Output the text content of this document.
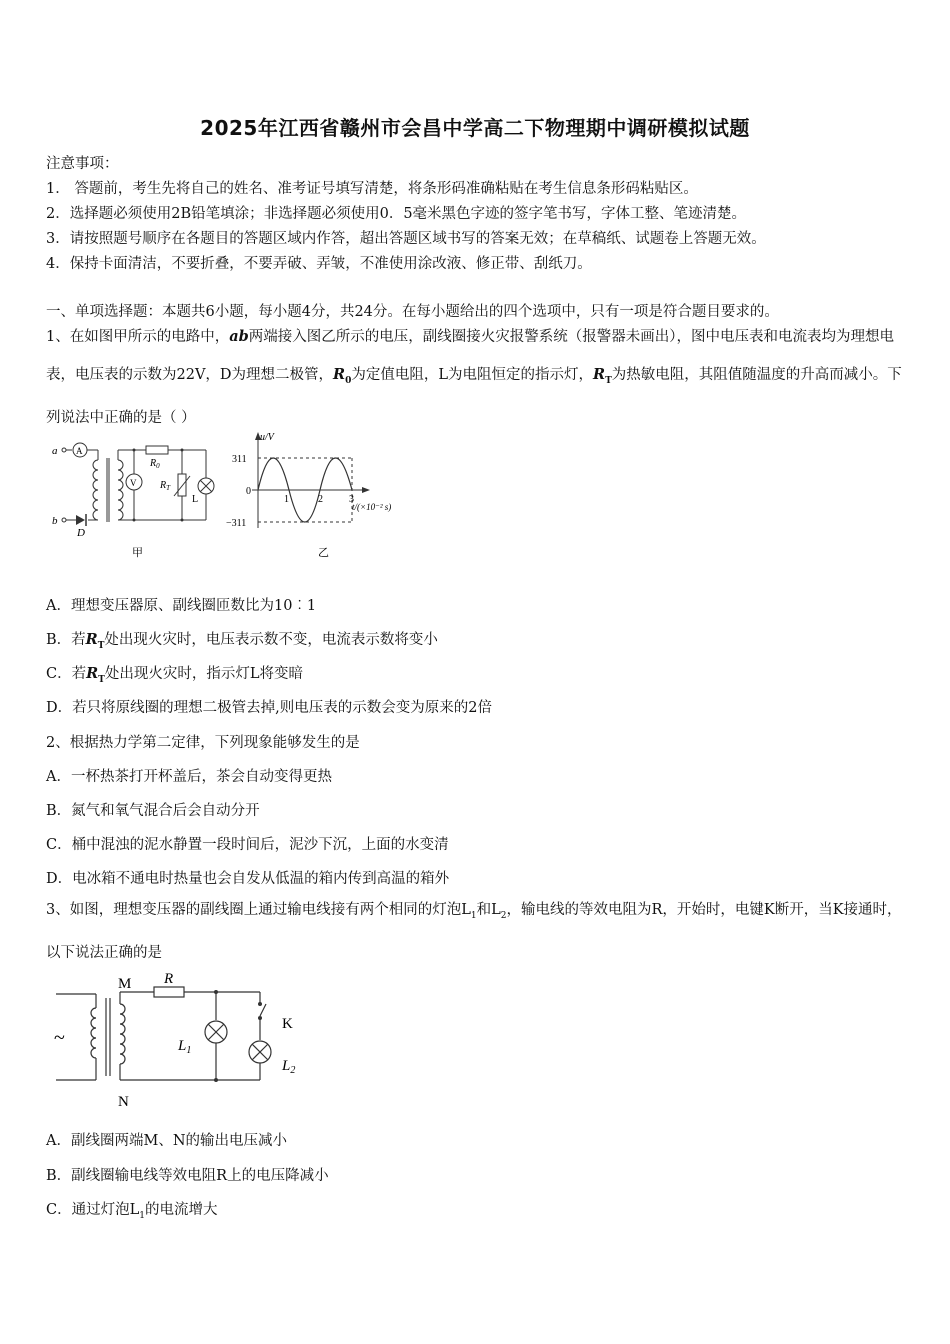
2025年江西省赣州市会昌中学高二下物理期中调研模拟试题
注意事项：
1． 答题前，考生先将自己的姓名、准考证号填写清楚，将条形码准确粘贴在考生信息条形码粘贴区。
2．选择题必须使用2B铅笔填涂；非选择题必须使用0．5毫米黑色字迹的签字笔书写，字体工整、笔迹清楚。
3．请按照题号顺序在各题目的答题区域内作答，超出答题区域书写的答案无效；在草稿纸、试题卷上答题无效。
4．保持卡面清洁，不要折叠，不要弄破、弄皱，不准使用涂改液、修正带、刮纸刀。
一、单项选择题：本题共6小题，每小题4分，共24分。在每小题给出的四个选项中，只有一项是符合题目要求的。
1、在如图甲所示的电路中，ab两端接入图乙所示的电压，副线圈接火灾报警系统（报警器未画出），图中电压表和电流表均为理想电表，电压表的示数为22V，D为理想二极管，$R_0$为定值电阻，L为电阻恒定的指示灯，$R_T$为热敏电阻，其阻值随温度的升高而减小。下列说法中正确的是（ ）
a
b
A
D
V
$R_0$
$R_T$
L
甲
u/V
311
−311
0
1	2	3
t/(×10⁻² s)
乙
A．理想变压器原、副线圈匝数比为10︰1
B．若$R_T$处出现火灾时，电压表示数不变，电流表示数将变小
C．若$R_T$处出现火灾时，指示灯L将变暗
D．若只将原线圈的理想二极管去掉,则电压表的示数会变为原来的2倍
2、根据热力学第二定律，下列现象能够发生的是
A．一杯热茶打开杯盖后，茶会自动变得更热
B．氮气和氧气混合后会自动分开
C．桶中混浊的泥水静置一段时间后，泥沙下沉，上面的水变清
D．电冰箱不通电时热量也会自发从低温的箱内传到高温的箱外
3、如图，理想变压器的副线圈上通过输电线接有两个相同的灯泡$L_1$和$L_2$，输电线的等效电阻为R，开始时，电键K断开，当K接通时，以下说法正确的是
~
M
N
R
K
$L_1$
$L_2$
A．副线圈两端M、N的输出电压减小
B．副线圈输电线等效电阻R上的电压降减小
C．通过灯泡$L_1$的电流增大
